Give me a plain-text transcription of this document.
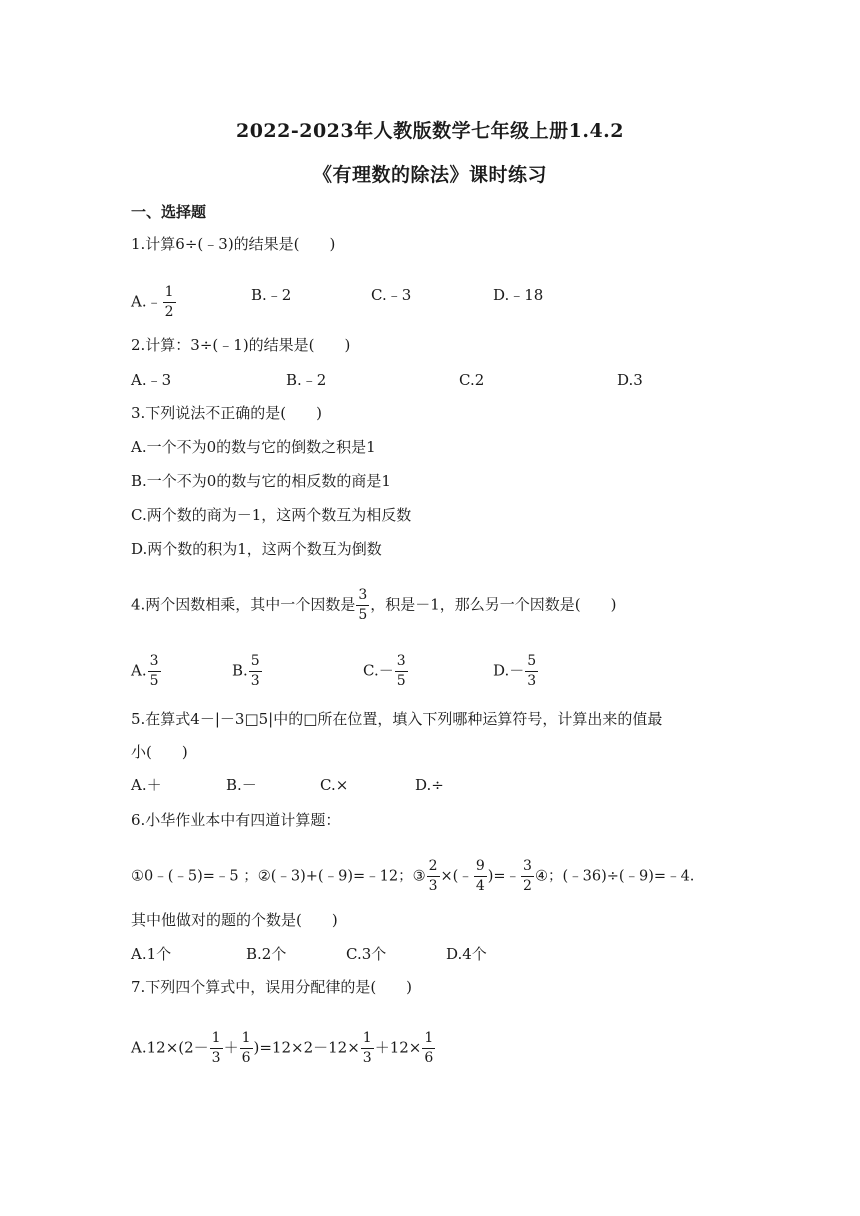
2022-2023年人教版数学七年级上册1.4.2
《有理数的除法》课时练习
一、选择题
1.计算6÷(﹣3)的结果是(　　)
A.﹣ $\frac{1}{2}$	B.﹣2	C.﹣3	D.﹣18
2.计算：3÷(﹣1)的结果是(　　)
A.﹣3	B.﹣2	C.2	D.3
3.下列说法不正确的是(　　)
A.一个不为0的数与它的倒数之积是1
B.一个不为0的数与它的相反数的商是1
C.两个数的商为－1，这两个数互为相反数
D.两个数的积为1，这两个数互为倒数
4.两个因数相乘，其中一个因数是 $\frac{3}{5}$ ，积是－1，那么另一个因数是(　　)
A. $\frac{3}{5}$	B. $\frac{5}{3}$	$C.- \frac{3}{5}$	$D.- \frac{5}{3}$
5.在算式4－|－3□5|中的□所在位置，填入下列哪种运算符号，计算出来的值最
小(　　)
A.＋	B.－	C.×	D.÷
6.小华作业本中有四道计算题：
①0﹣(﹣5)=﹣5 ；②(﹣3)+(﹣9)=﹣12；③ $\frac{2}{3}$ ×(﹣ $\frac{9}{4}$ )=﹣ $\frac{3}{2}$ ④；(﹣36)÷(﹣9)=﹣4.
其中他做对的题的个数是(　　)
A.1个	B.2个	C.3个	D.4个
7.下列四个算式中，误用分配律的是(　　)
$A.12\times(2- \frac{1}{3} + \frac{1}{6} )=12\times 2-12\times \frac{1}{3} +12\times \frac{1}{6}$
